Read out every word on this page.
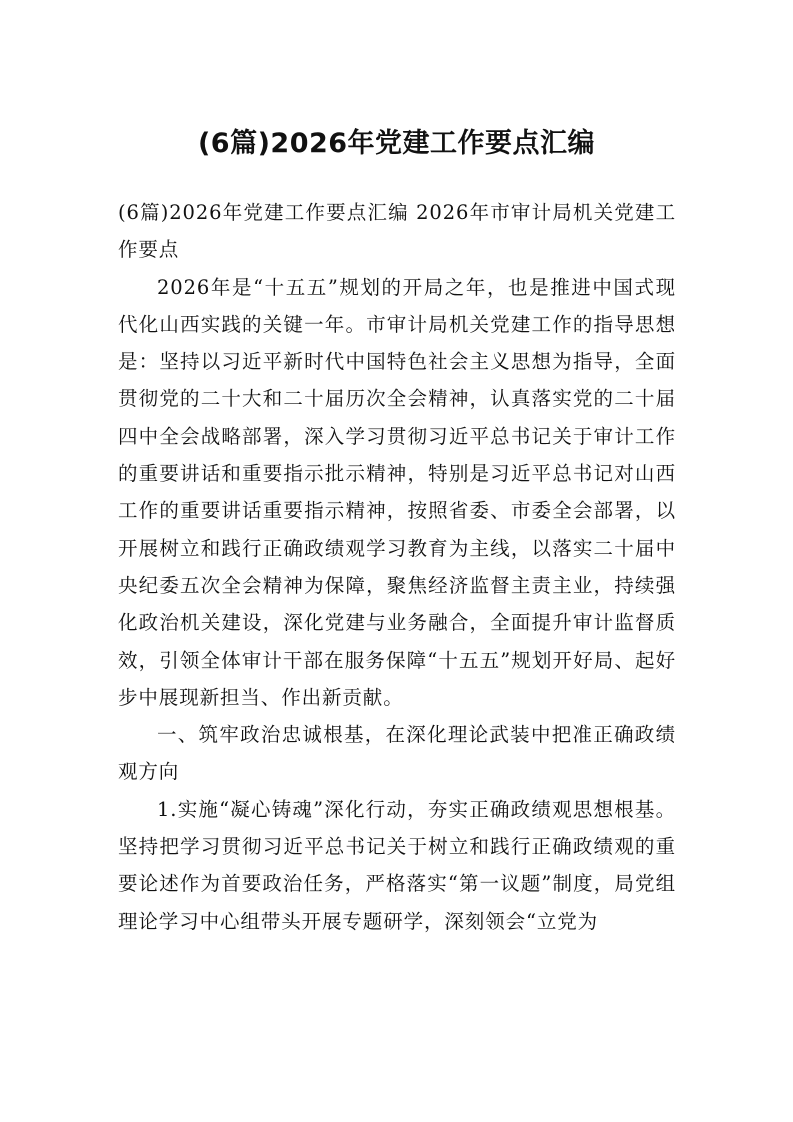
(6篇)2026年党建工作要点汇编

(6篇)2026年党建工作要点汇编 2026年市审计局机关党建工作要点

2026年是“十五五”规划的开局之年，也是推进中国式现代化山西实践的关键一年。市审计局机关党建工作的指导思想是：坚持以习近平新时代中国特色社会主义思想为指导，全面贯彻党的二十大和二十届历次全会精神，认真落实党的二十届四中全会战略部署，深入学习贯彻习近平总书记关于审计工作的重要讲话和重要指示批示精神，特别是习近平总书记对山西工作的重要讲话重要指示精神，按照省委、市委全会部署，以开展树立和践行正确政绩观学习教育为主线，以落实二十届中央纪委五次全会精神为保障，聚焦经济监督主责主业，持续强化政治机关建设，深化党建与业务融合，全面提升审计监督质效，引领全体审计干部在服务保障“十五五”规划开好局、起好步中展现新担当、作出新贡献。

一、筑牢政治忠诚根基，在深化理论武装中把准正确政绩观方向

1.实施“凝心铸魂”深化行动，夯实正确政绩观思想根基。坚持把学习贯彻习近平总书记关于树立和践行正确政绩观的重要论述作为首要政治任务，严格落实“第一议题”制度，局党组理论学习中心组带头开展专题研学，深刻领会“立党为
